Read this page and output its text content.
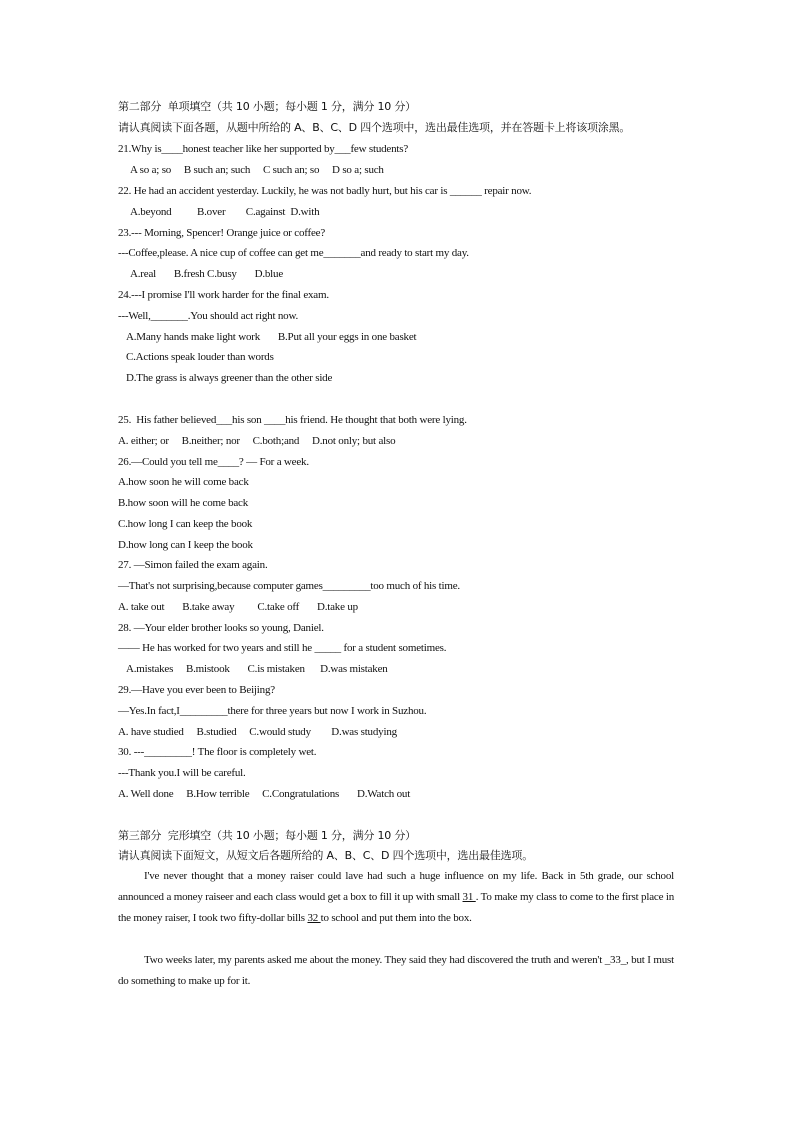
第二部分  单项填空（共 10 小题；每小题 1 分，满分 10 分）
请认真阅读下面各题，从题中所给的 A、B、C、D 四个选项中，选出最佳选项，并在答题卡上将该项涂黑。
21.Why is____honest teacher like her supported by___few students?
A so a; so     B such an; such     C such an; so     D so a; such
22. He had an accident yesterday. Luckily, he was not badly hurt, but his car is ______ repair now.
A.beyond          B.over        C.against  D.with
23.--- Morning, Spencer! Orange juice or coffee?
---Coffee,please. A nice cup of coffee can get me_______and ready to start my day.
A.real       B.fresh C.busy       D.blue
24.---I promise I'll work harder for the final exam.
---Well,_______.You should act right now.
A.Many hands make light work       B.Put all your eggs in one basket
C.Actions speak louder than words
D.The grass is always greener than the other side
25.  His father believed___his son ____his friend. He thought that both were lying.
A. either; or     B.neither; nor     C.both;and     D.not only; but also
26.—Could you tell me____? — For a week.
A.how soon he will come back
B.how soon will he come back
C.how long I can keep the book
D.how long can I keep the book
27. —Simon failed the exam again.
—That's not surprising,because computer games_________too much of his time.
A. take out       B.take away         C.take off       D.take up
28. —Your elder brother looks so young, Daniel.
—— He has worked for two years and still he _____ for a student sometimes.
A.mistakes     B.mistook       C.is mistaken      D.was mistaken
29.—Have you ever been to Beijing?
—Yes.In fact,I_________there for three years but now I work in Suzhou.
A. have studied     B.studied     C.would study        D.was studying
30. ---_________! The floor is completely wet.
---Thank you.I will be careful.
A. Well done     B.How terrible     C.Congratulations       D.Watch out
第三部分  完形填空（共 10 小题；每小题 1 分，满分 10 分）
请认真阅读下面短文，从短文后各题所给的 A、B、C、D 四个选项中，选出最佳选项。
I've never thought that a money raiser could lave had such a huge influence on my life. Back in 5th grade, our school announced a money raiseer and each class would get a box to fill it up with small 31 . To make my class to come to the first place in the money raiser, I took two fifty-dollar bills 32 to school and put them into the box.
Two weeks later, my parents asked me about the money. They said they had discovered the truth and weren't _33_, but I must do something to make up for it.
